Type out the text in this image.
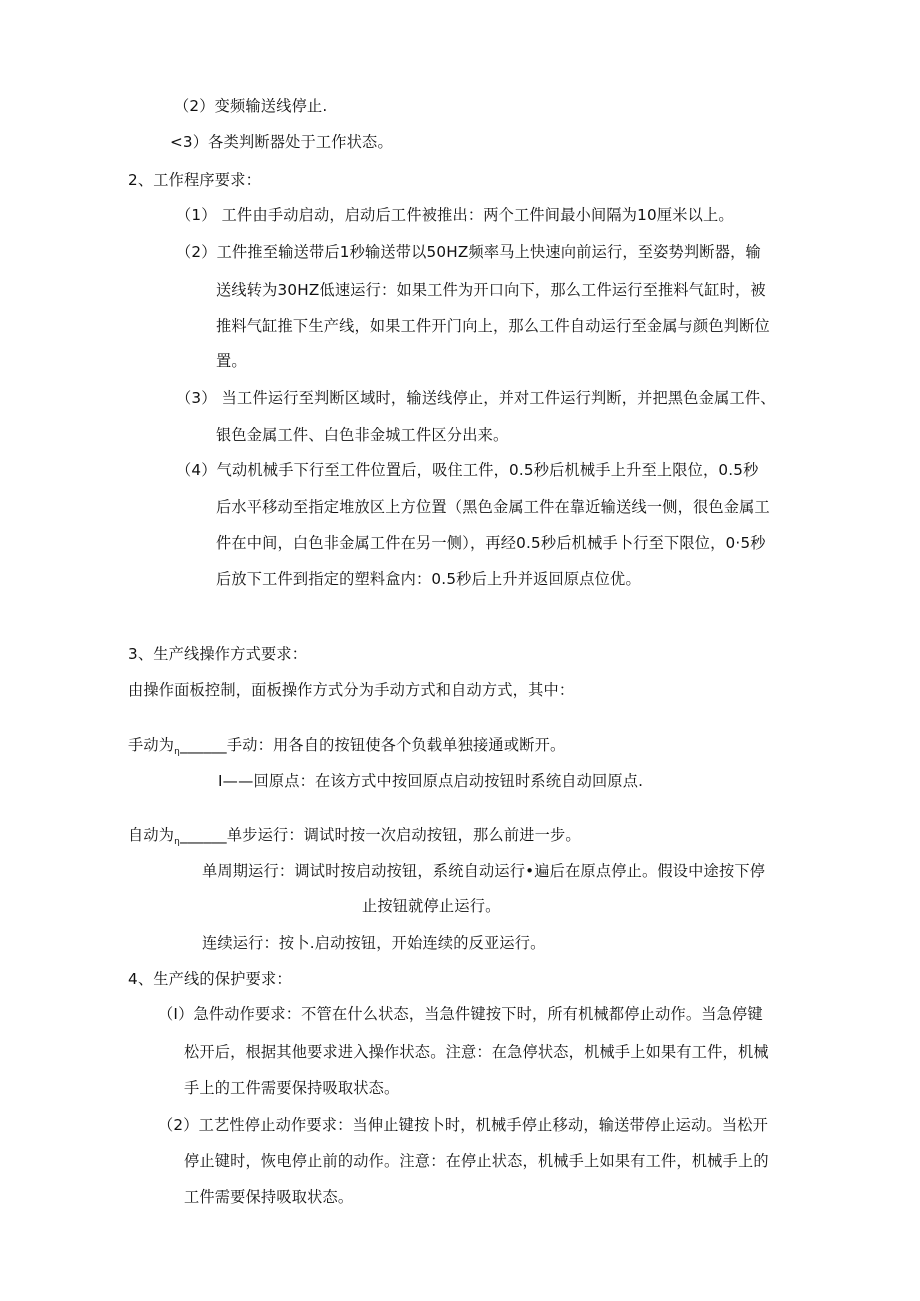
（2）变频输送线停止.
<3）各类判断器处于工作状态。
2、工作程序要求：
（1） 工件由手动启动，启动后工件被推出：两个工件间最小间隔为10厘米以上。
（2）工件推至输送带后1秒输送带以50HZ频率马上快速向前运行，至姿势判断器，输
送线转为30HZ低速运行：如果工件为开口向下，那么工件运行至推料气缸时，被
推料气缸推下生产线，如果工件开门向上，那么工件自动运行至金属与颜色判断位
置。
（3） 当工件运行至判断区域时，输送线停止，并对工件运行判断，并把黑色金属工件、
银色金属工件、白色非金城工件区分出来。
（4）气动机械手下行至工件位置后，吸住工件，0.5秒后机械手上升至上限位，0.5秒
后水平移动至指定堆放区上方位置（黑色金属工件在靠近输送线一侧，很色金属工
件在中间，白色非金属工件在另一侧），再经0.5秒后机械手卜行至下限位，0·5秒
后放下工件到指定的塑料盒内：0.5秒后上升并返回原点位优。
3、生产线操作方式要求：
由操作面板控制，面板操作方式分为手动方式和自动方式，其中：
手动为$_\eta$______手动：用各自的按钮使各个负载单独接通或断开。
I——回原点：在该方式中按回原点启动按钮时系统自动回原点.
自动为$_\eta$______单步运行：调试时按一次启动按钮，那么前进一步。
单周期运行：调试时按启动按钮，系统自动运行•遍后在原点停止。假设中途按下停
止按钮就停止运行。
连续运行：按卜.启动按钮，开始连续的反亚运行。
4、生产线的保护要求：
（I）急件动作要求：不管在什么状态，当急件键按下时，所有机械都停止动作。当急停键
松开后，根据其他要求进入操作状态。注意：在急停状态，机械手上如果有工件，机械
手上的工件需要保持吸取状态。
（2）工艺性停止动作要求：当伸止键按卜时，机械手停止移动，输送带停止运动。当松开
停止键时，恢电停止前的动作。注意：在停止状态，机械手上如果有工件，机械手上的
工件需要保持吸取状态。
